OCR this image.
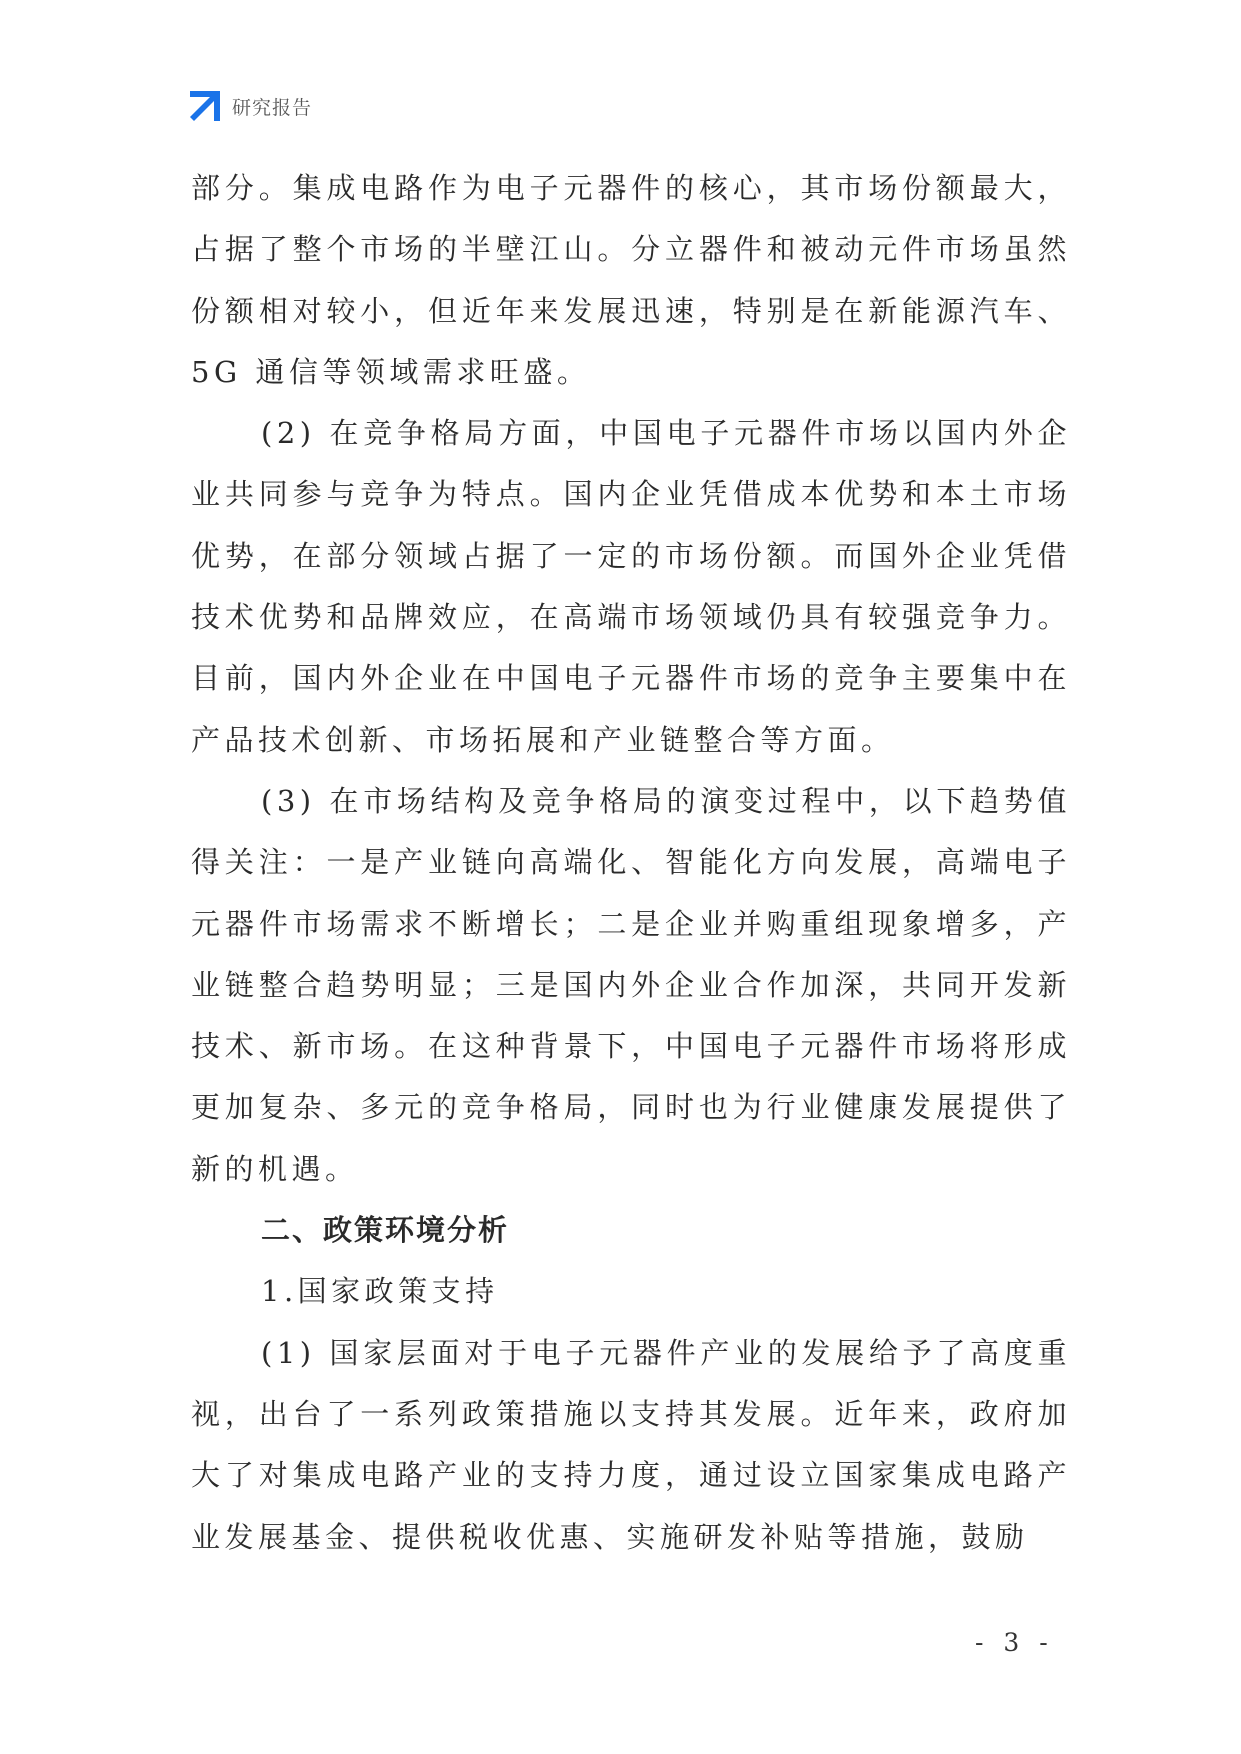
研究报告

部分。集成电路作为电子元器件的核心，其市场份额最大，占据了整个市场的半壁江山。分立器件和被动元件市场虽然份额相对较小，但近年来发展迅速，特别是在新能源汽车、5G 通信等领域需求旺盛。

(2) 在竞争格局方面，中国电子元器件市场以国内外企业共同参与竞争为特点。国内企业凭借成本优势和本土市场优势，在部分领域占据了一定的市场份额。而国外企业凭借技术优势和品牌效应，在高端市场领域仍具有较强竞争力。目前，国内外企业在中国电子元器件市场的竞争主要集中在产品技术创新、市场拓展和产业链整合等方面。

(3) 在市场结构及竞争格局的演变过程中，以下趋势值得关注：一是产业链向高端化、智能化方向发展，高端电子元器件市场需求不断增长；二是企业并购重组现象增多，产业链整合趋势明显；三是国内外企业合作加深，共同开发新技术、新市场。在这种背景下，中国电子元器件市场将形成更加复杂、多元的竞争格局，同时也为行业健康发展提供了新的机遇。

二、政策环境分析
1.国家政策支持

(1) 国家层面对于电子元器件产业的发展给予了高度重视，出台了一系列政策措施以支持其发展。近年来，政府加大了对集成电路产业的支持力度，通过设立国家集成电路产业发展基金、提供税收优惠、实施研发补贴等措施，鼓励

- 3 -
